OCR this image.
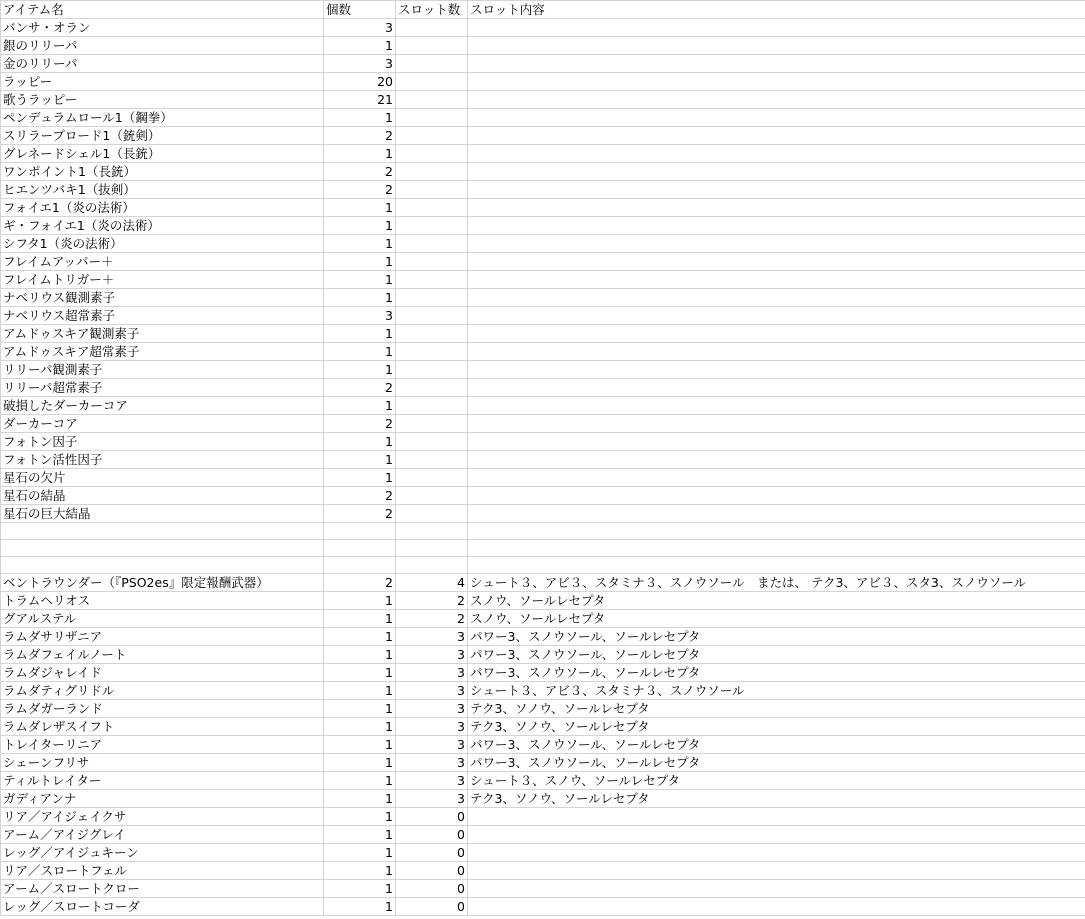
アイテム名	個数	スロット数	スロット内容
バンサ・オラン	3		
銀のリリーパ	1		
金のリリーパ	3		
ラッピー	20		
歌うラッピー	21		
ペンデュラムロール1（鋼拳）	1		
スリラープロード1（銃剣）	2		
グレネードシェル1（長銃）	1		
ワンポイント1（長銃）	2		
ヒエンツバキ1（抜剣）	2		
フォイエ1（炎の法術）	1		
ギ・フォイエ1（炎の法術）	1		
シフタ1（炎の法術）	1		
フレイムアッパー＋	1		
フレイムトリガー＋	1		
ナベリウス観測素子	1		
ナベリウス超常素子	3		
アムドゥスキア観測素子	1		
アムドゥスキア超常素子	1		
リリーパ観測素子	1		
リリーパ超常素子	2		
破損したダーカーコア	1		
ダーカーコア	2		
フォトン因子	1		
フォトン活性因子	1		
星石の欠片	1		
星石の結晶	2		
星石の巨大結晶	2		

ベントラウンダー（『PSO2es』限定報酬武器）	2	4	シュート３、アビ３、スタミナ３、スノウソール　または、 テク3、アビ３、スタ3、スノウソール
トラムヘリオス	1	2	スノウ、ソールレセプタ
グアルステル	1	2	スノウ、ソールレセプタ
ラムダサリザニア	1	3	パワー3、スノウソール、ソールレセプタ
ラムダフェイルノート	1	3	パワー3、スノウソール、ソールレセプタ
ラムダジャレイド	1	3	パワー3、スノウソール、ソールレセプタ
ラムダティグリドル	1	3	シュート３、アビ３、スタミナ３、スノウソール
ラムダガーランド	1	3	テク3、ソノウ、ソールレセプタ
ラムダレザスイフト	1	3	テク3、ソノウ、ソールレセプタ
トレイターリニア	1	3	パワー3、スノウソール、ソールレセプタ
シェーンフリサ	1	3	パワー3、スノウソール、ソールレセプタ
ティルトレイター	1	3	シュート３、スノウ、ソールレセプタ
ガディアンナ	1	3	テク3、ソノウ、ソールレセプタ
リア／アイジェイクサ	1	0	
アーム／アイジグレイ	1	0	
レッグ／アイジュキーン	1	0	
リア／スロートフェル	1	0	
アーム／スロートクロー	1	0	
レッグ／スロートコーダ	1	0	
